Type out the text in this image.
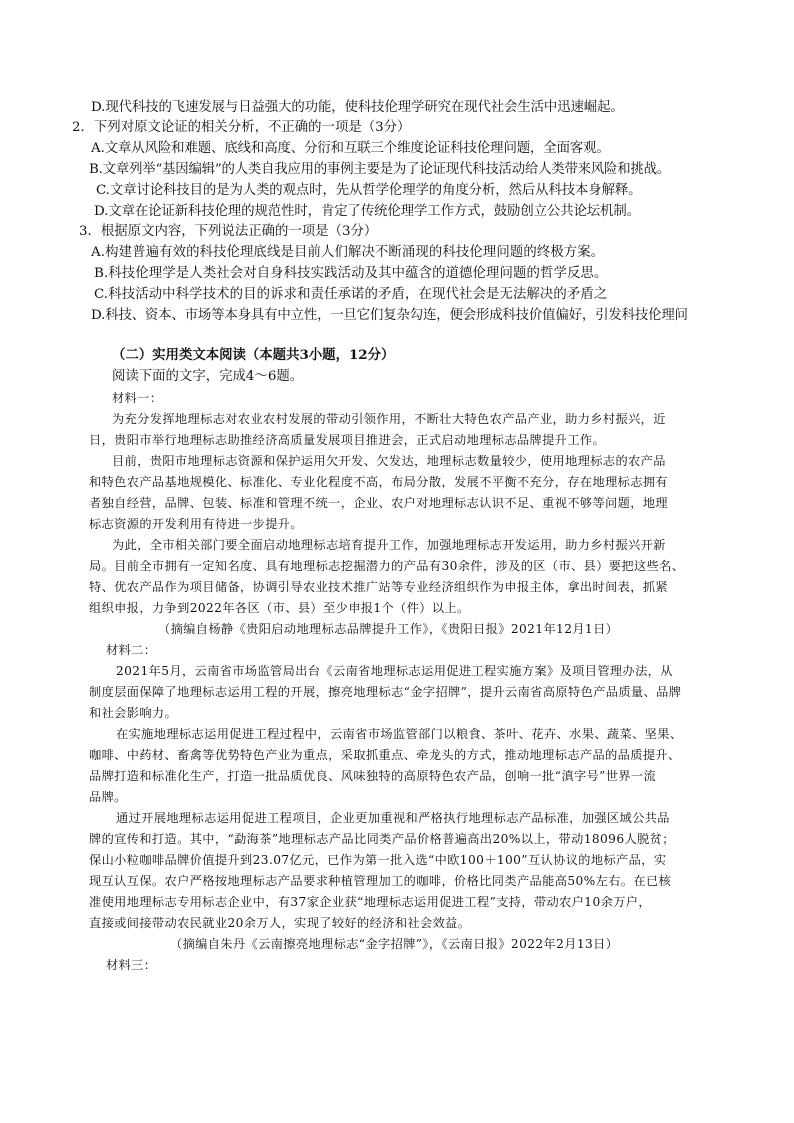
D.现代科技的飞速发展与日益强大的功能，使科技伦理学研究在现代社会生活中迅速崛起。
2．下列对原文论证的相关分析，不正确的一项是（3分）
A.文章从风险和难题、底线和高度、分衍和互联三个维度论证科技伦理问题，全面客观。
B.文章列举“基因编辑”的人类自我应用的事例主要是为了论证现代科技活动给人类带来风险和挑战。
C.文章讨论科技目的是为人类的观点时，先从哲学伦理学的角度分析，然后从科技本身解释。
D.文章在论证新科技伦理的规范性时，肯定了传统伦理学工作方式，鼓励创立公共论坛机制。
3．根据原文内容，下列说法正确的一项是（3分）
A.构建普遍有效的科技伦理底线是目前人们解决不断涌现的科技伦理问题的终极方案。
B.科技伦理学是人类社会对自身科技实践活动及其中蕴含的道德伦理问题的哲学反思。
C.科技活动中科学技术的目的诉求和责任承诺的矛盾，在现代社会是无法解决的矛盾之
D.科技、资本、市场等本身具有中立性，一旦它们复杂勾连，便会形成科技价值偏好，引发科技伦理问
（二）实用类文本阅读（本题共3小题，12分）
阅读下面的文字，完成4～6题。
材料一：
为充分发挥地理标志对农业农村发展的带动引领作用，不断壮大特色农产品产业，助力乡村振兴，近
日，贵阳市举行地理标志助推经济高质量发展项目推进会，正式启动地理标志品牌提升工作。
目前，贵阳市地理标志资源和保护运用欠开发、欠发达，地理标志数量较少，使用地理标志的农产品
和特色农产品基地规模化、标准化、专业化程度不高，布局分散，发展不平衡不充分，存在地理标志拥有
者独自经营，品牌、包装、标准和管理不统一，企业、农户对地理标志认识不足、重视不够等问题，地理
标志资源的开发利用有待进一步提升。
为此，全市相关部门要全面启动地理标志培育提升工作，加强地理标志开发运用，助力乡村振兴开新
局。目前全市拥有一定知名度、具有地理标志挖掘潜力的产品有30余件，涉及的区（市、县）要把这些名、
特、优农产品作为项目储备，协调引导农业技术推广站等专业经济组织作为申报主体，拿出时间表，抓紧
组织申报，力争到2022年各区（市、县）至少申报1个（件）以上。
（摘编自杨静《贵阳启动地理标志品牌提升工作》，《贵阳日报》2021年12月1日）
材料二：
2021年5月，云南省市场监管局出台《云南省地理标志运用促进工程实施方案》及项目管理办法，从
制度层面保障了地理标志运用工程的开展，擦亮地理标志“金字招牌”，提升云南省高原特色产品质量、品牌
和社会影响力。
在实施地理标志运用促进工程过程中，云南省市场监管部门以粮食、茶叶、花卉、水果、蔬菜、坚果、
咖啡、中药材、畜禽等优势特色产业为重点，采取抓重点、牵龙头的方式，推动地理标志产品的品质提升、
品牌打造和标准化生产，打造一批品质优良、风味独特的高原特色农产品，创响一批“滇字号”世界一流
品牌。
通过开展地理标志运用促进工程项目，企业更加重视和严格执行地理标志产品标准，加强区域公共品
牌的宣传和打造。其中，“勐海茶”地理标志产品比同类产品价格普遍高出20%以上，带动18096人脱贫；
保山小粒咖啡品牌价值提升到23.07亿元，已作为第一批入选“中欧100＋100”互认协议的地标产品，实
现互认互保。农户严格按地理标志产品要求种植管理加工的咖啡，价格比同类产品能高50%左右。在已核
准使用地理标志专用标志企业中，有37家企业获“地理标志运用促进工程”支持，带动农户10余万户，
直接或间接带动农民就业20余万人，实现了较好的经济和社会效益。
（摘编自朱丹《云南擦亮地理标志“金字招牌”》，《云南日报》2022年2月13日）
材料三：
